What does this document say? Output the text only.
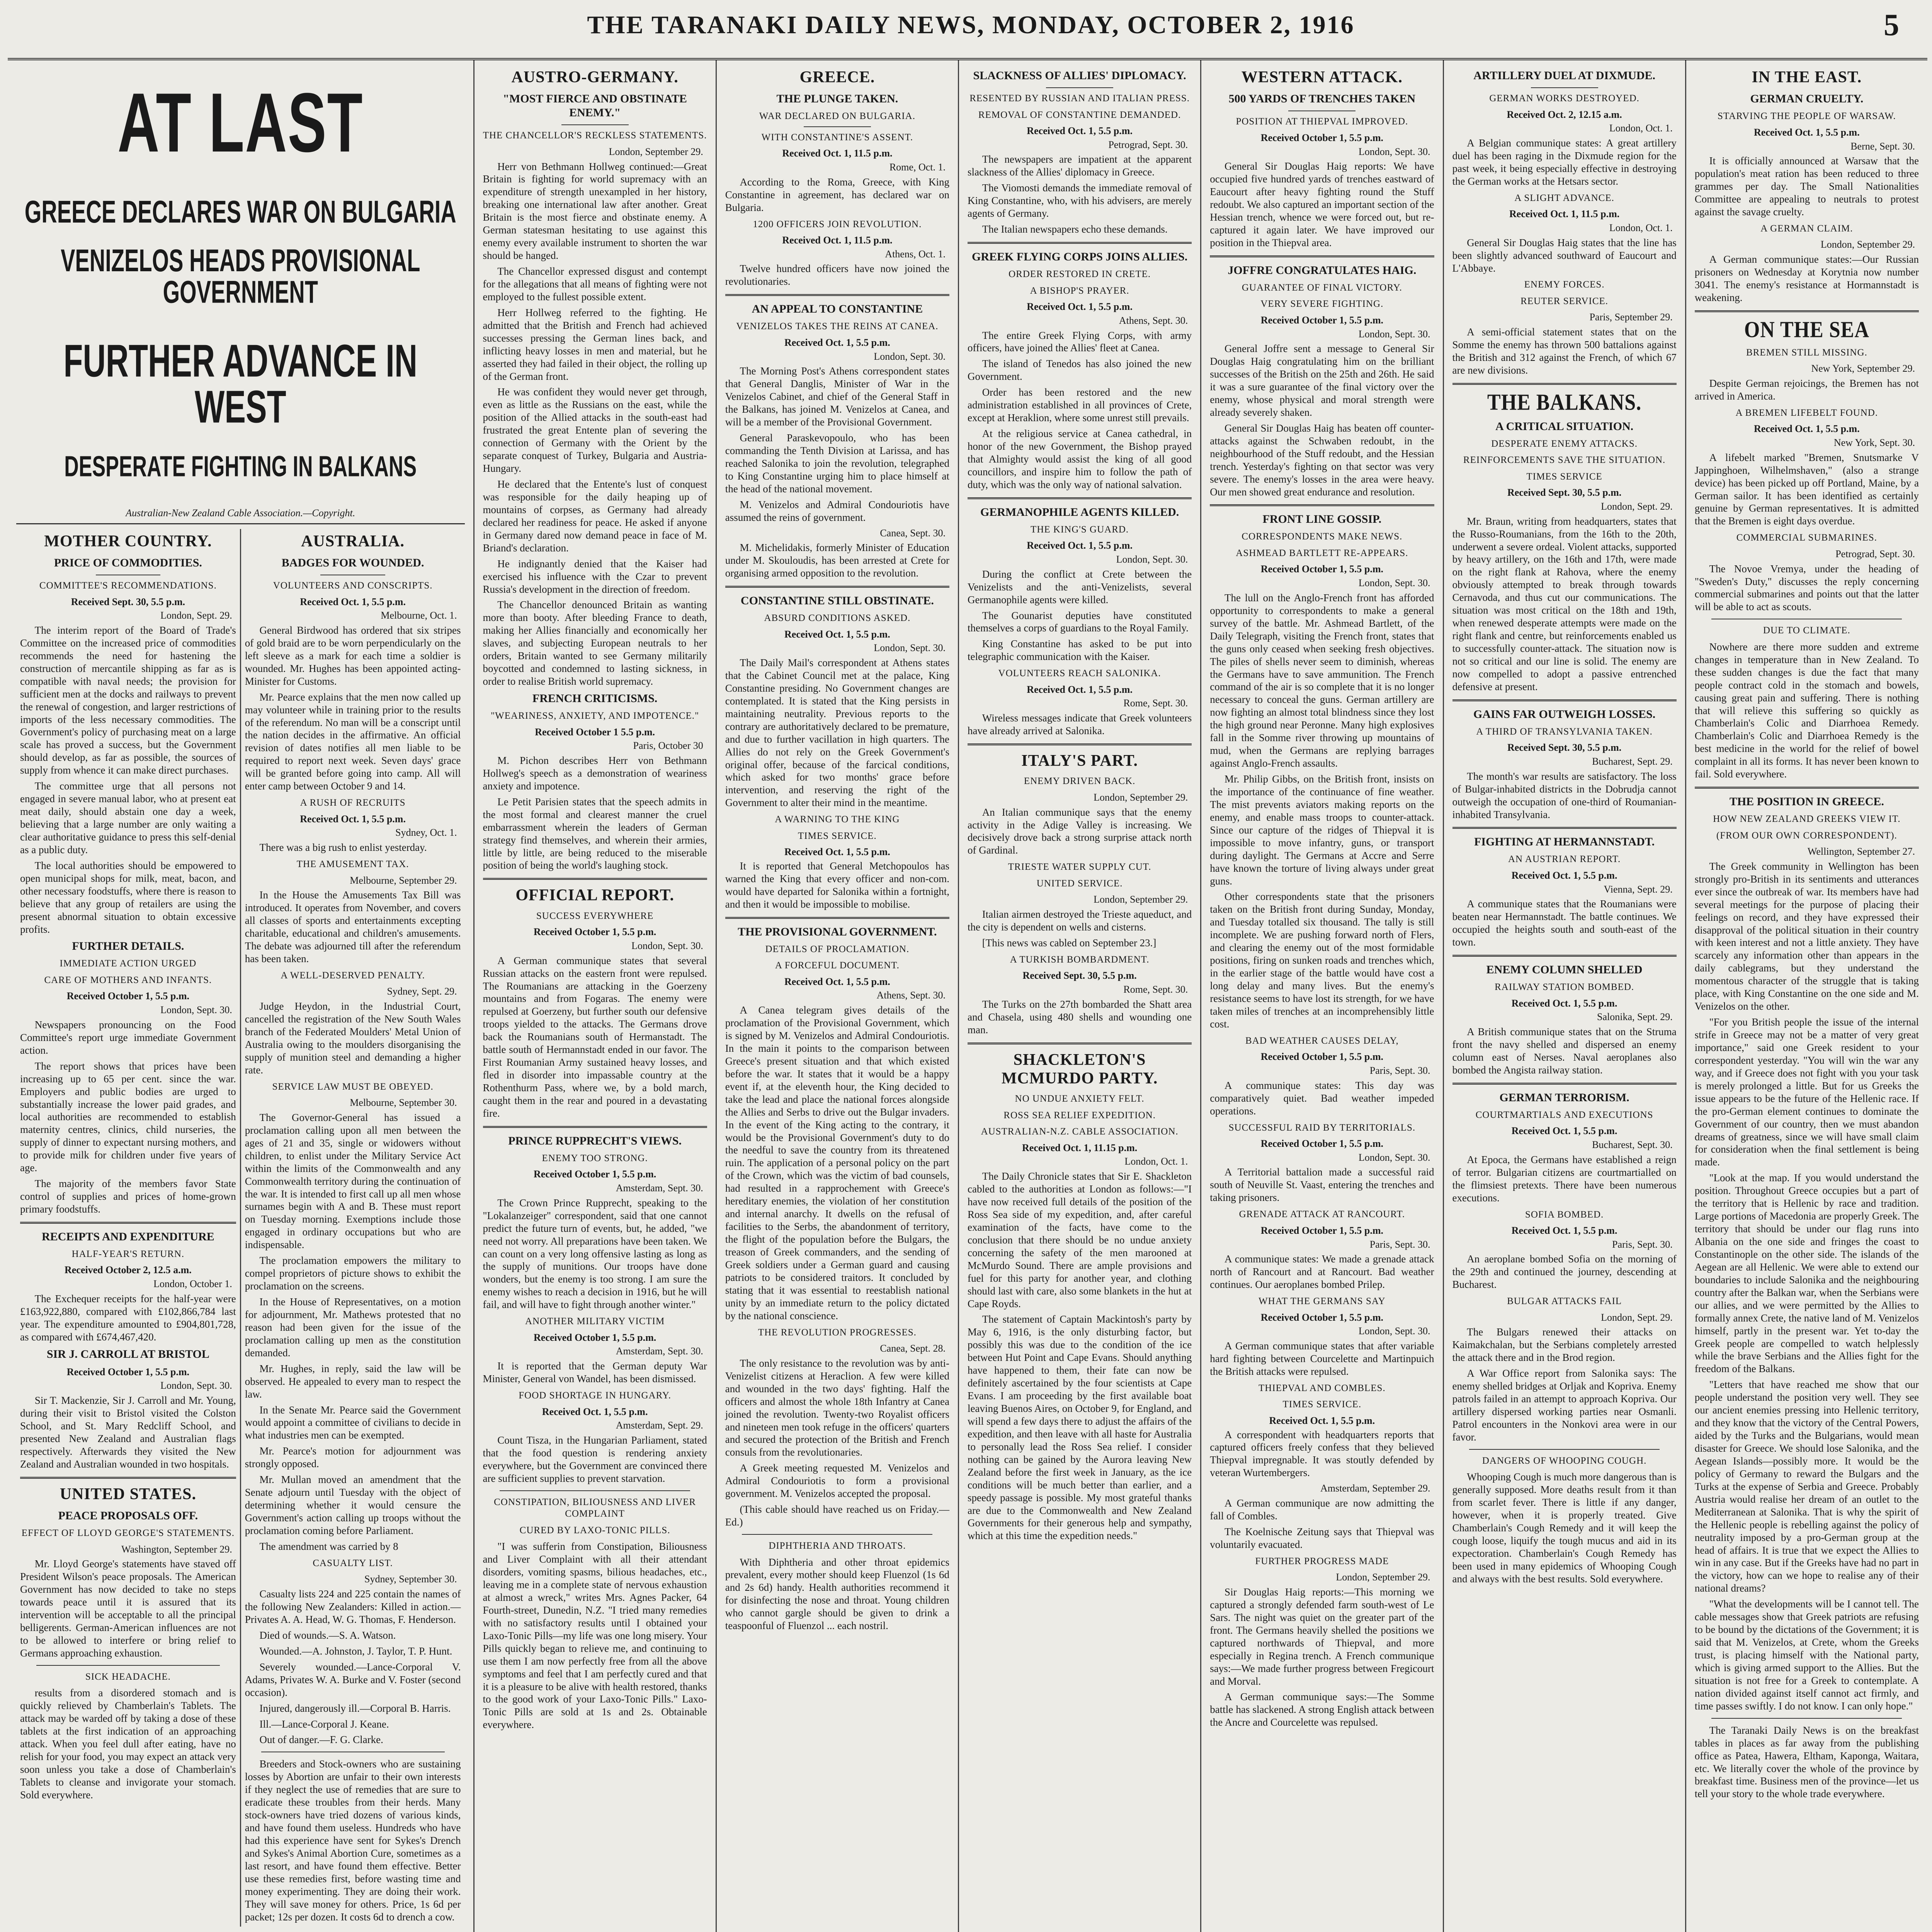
THE TARANAKI DAILY NEWS, MONDAY, OCTOBER 2, 1916	5
AT LAST
GREECE DECLARES WAR ON BULGARIA
VENIZELOS HEADS PROVISIONAL GOVERNMENT
FURTHER ADVANCE IN WEST
DESPERATE FIGHTING IN BALKANS
Australian-New Zealand Cable Association.—Copyright.
MOTHER COUNTRY.
PRICE OF COMMODITIES.
COMMITTEE'S RECOMMENDATIONS.
Received Sept. 30, 5.5 p.m.
London, Sept. 29.

The interim report of the Board of Trade's Committee on the increased price of commodities recommends the need for hastening the construction of mercantile shipping as far as is compatible with naval needs; the provision for sufficient men at the docks and railways to prevent the renewal of congestion, and larger restrictions of imports of the less necessary commodities. The Government's policy of purchasing meat on a large scale has proved a success, but the Government should develop, as far as possible, the sources of supply from whence it can make direct purchases.

The committee urge that all persons not engaged in severe manual labor, who at present eat meat daily, should abstain one day a week, believing that a large number are only waiting a clear authoritative guidance to press this self-denial as a public duty.

The local authorities should be empowered to open municipal shops for milk, meat, bacon, and other necessary foodstuffs, where there is reason to believe that any group of retailers are using the present abnormal situation to obtain excessive profits.

FURTHER DETAILS.
IMMEDIATE ACTION URGED
CARE OF MOTHERS AND INFANTS.
Received October 1, 5.5 p.m.
London, Sept. 30.

Newspapers pronouncing on the Food Committee's report urge immediate Government action.

The report shows that prices have been increasing up to 65 per cent. since the war. Employers and public bodies are urged to substantially increase the lower paid grades, and local authorities are recommended to establish maternity centres, clinics, child nurseries, the supply of dinner to expectant nursing mothers, and to provide milk for children under five years of age.

The majority of the members favor State control of supplies and prices of home-grown primary foodstuffs.

RECEIPTS AND EXPENDITURE
HALF-YEAR'S RETURN.
Received October 2, 12.5 a.m.
London, October 1.

The Exchequer receipts for the half-year were £163,922,880, compared with £102,866,784 last year. The expenditure amounted to £904,801,728, as compared with £674,467,420.

SIR J. CARROLL AT BRISTOL
Received October 1, 5.5 p.m.
London, Sept. 30.

Sir T. Mackenzie, Sir J. Carroll and Mr. Young, during their visit to Bristol visited the Colston School, and St. Mary Redcliff School, and presented New Zealand and Australian flags respectively. Afterwards they visited the New Zealand and Australian wounded in two hospitals.

UNITED STATES.
PEACE PROPOSALS OFF.
EFFECT OF LLOYD GEORGE'S STATEMENTS.
Washington, September 29.

Mr. Lloyd George's statements have staved off President Wilson's peace proposals. The American Government has now decided to take no steps towards peace until it is assured that its intervention will be acceptable to all the principal belligerents. German-American influences are not to be allowed to interfere or bring relief to Germans approaching exhaustion.

SICK HEADACHE.

results from a disordered stomach and is quickly relieved by Chamberlain's Tablets. The attack may be warded off by taking a dose of these tablets at the first indication of an approaching attack. When you feel dull after eating, have no relish for your food, you may expect an attack very soon unless you take a dose of Chamberlain's Tablets to cleanse and invigorate your stomach. Sold everywhere.

AUSTRALIA.
BADGES FOR WOUNDED.
VOLUNTEERS AND CONSCRIPTS.
Received Oct. 1, 5.5 p.m.
Melbourne, Oct. 1.

General Birdwood has ordered that six stripes of gold braid are to be worn perpendicularly on the left sleeve as a mark for each time a soldier is wounded. Mr. Hughes has been appointed acting-Minister for Customs.

Mr. Pearce explains that the men now called up may volunteer while in training prior to the results of the referendum. No man will be a conscript until the nation decides in the affirmative. An official revision of dates notifies all men liable to be required to report next week. Seven days' grace will be granted before going into camp. All will enter camp between October 9 and 14.

A RUSH OF RECRUITS
Received Oct. 1, 5.5 p.m.
Sydney, Oct. 1.

There was a big rush to enlist yesterday.

THE AMUSEMENT TAX.
Melbourne, September 29.

In the House the Amusements Tax Bill was introduced. It operates from November, and covers all classes of sports and entertainments excepting charitable, educational and children's amusements. The debate was adjourned till after the referendum has been taken.

A WELL-DESERVED PENALTY.
Sydney, Sept. 29.

Judge Heydon, in the Industrial Court, cancelled the registration of the New South Wales branch of the Federated Moulders' Metal Union of Australia owing to the moulders disorganising the supply of munition steel and demanding a higher rate.

SERVICE LAW MUST BE OBEYED.
Melbourne, September 30.

The Governor-General has issued a proclamation calling upon all men between the ages of 21 and 35, single or widowers without children, to enlist under the Military Service Act within the limits of the Commonwealth and any Commonwealth territory during the continuation of the war. It is intended to first call up all men whose surnames begin with A and B. These must report on Tuesday morning. Exemptions include those engaged in ordinary occupations but who are indispensable.

The proclamation empowers the military to compel proprietors of picture shows to exhibit the proclamation on the screens.

In the House of Representatives, on a motion for adjournment, Mr. Mathews protested that no reason had been given for the issue of the proclamation calling up men as the constitution demanded.

Mr. Hughes, in reply, said the law will be observed. He appealed to every man to respect the law.

In the Senate Mr. Pearce said the Government would appoint a committee of civilians to decide in what industries men can be exempted.

Mr. Pearce's motion for adjournment was strongly opposed.

Mr. Mullan moved an amendment that the Senate adjourn until Tuesday with the object of determining whether it would censure the Government's action calling up troops without the proclamation coming before Parliament.

The amendment was carried by 8

CASUALTY LIST.
Sydney, September 30.

Casualty lists 224 and 225 contain the names of the following New Zealanders: Killed in action.—Privates A. A. Head, W. G. Thomas, F. Henderson.

Died of wounds.—S. A. Watson.

Wounded.—A. Johnston, J. Taylor, T. P. Hunt.

Severely wounded.—Lance-Corporal V. Adams, Privates W. A. Burke and V. Foster (second occasion).

Injured, dangerously ill.—Corporal B. Harris.

Ill.—Lance-Corporal J. Keane.

Out of danger.—F. G. Clarke.

Breeders and Stock-owners who are sustaining losses by Abortion are unfair to their own interests if they neglect the use of remedies that are sure to eradicate these troubles from their herds. Many stock-owners have tried dozens of various kinds, and have found them useless. Hundreds who have had this experience have sent for Sykes's Drench and Sykes's Animal Abortion Cure, sometimes as a last resort, and have found them effective. Better use these remedies first, before wasting time and money experimenting. They are doing their work. They will save money for others. Price, 1s 6d per packet; 12s per dozen. It costs 6d to drench a cow.

AUSTRO-GERMANY.
"MOST FIERCE AND OBSTINATE ENEMY."
THE CHANCELLOR'S RECKLESS STATEMENTS.
London, September 29.

Herr von Bethmann Hollweg continued:—Great Britain is fighting for world supremacy with an expenditure of strength unexampled in her history, breaking one international law after another. Great Britain is the most fierce and obstinate enemy. A German statesman hesitating to use against this enemy every available instrument to shorten the war should be hanged.

The Chancellor expressed disgust and contempt for the allegations that all means of fighting were not employed to the fullest possible extent.

Herr Hollweg referred to the fighting. He admitted that the British and French had achieved successes pressing the German lines back, and inflicting heavy losses in men and material, but he asserted they had failed in their object, the rolling up of the German front.

He was confident they would never get through, even as little as the Russians on the east, while the position of the Allied attacks in the south-east had frustrated the great Entente plan of severing the connection of Germany with the Orient by the separate conquest of Turkey, Bulgaria and Austria-Hungary.

He declared that the Entente's lust of conquest was responsible for the daily heaping up of mountains of corpses, as Germany had already declared her readiness for peace. He asked if anyone in Germany dared now demand peace in face of M. Briand's declaration.

He indignantly denied that the Kaiser had exercised his influence with the Czar to prevent Russia's development in the direction of freedom.

The Chancellor denounced Britain as wanting more than booty. After bleeding France to death, making her Allies financially and economically her slaves, and subjecting European neutrals to her orders, Britain wanted to see Germany militarily boycotted and condemned to lasting sickness, in order to realise British world supremacy.

FRENCH CRITICISMS.
"WEARINESS, ANXIETY, AND IMPOTENCE."
Received October 1 5.5 p.m.
Paris, October 30

M. Pichon describes Herr von Bethmann Hollweg's speech as a demonstration of weariness anxiety and impotence.

Le Petit Parisien states that the speech admits in the most formal and clearest manner the cruel embarrassment wherein the leaders of German strategy find themselves, and wherein their armies, little by little, are being reduced to the miserable position of being the world's laughing stock.

OFFICIAL REPORT.
SUCCESS EVERYWHERE
Received October 1, 5.5 p.m.
London, Sept. 30.

A German communique states that several Russian attacks on the eastern front were repulsed. The Roumanians are attacking in the Goerzeny mountains and from Fogaras. The enemy were repulsed at Goerzeny, but further south our defensive troops yielded to the attacks. The Germans drove back the Roumanians south of Hermanstadt. The battle south of Hermannstadt ended in our favor. The First Roumanian Army sustained heavy losses, and fled in disorder into impassable country at the Rothenthurm Pass, where we, by a bold march, caught them in the rear and poured in a devastating fire.

PRINCE RUPPRECHT'S VIEWS.
ENEMY TOO STRONG.
Received October 1, 5.5 p.m.
Amsterdam, Sept. 30.

The Crown Prince Rupprecht, speaking to the "Lokalanzeiger" correspondent, said that one cannot predict the future turn of events, but, he added, "we need not worry. All preparations have been taken. We can count on a very long offensive lasting as long as the supply of munitions. Our troops have done wonders, but the enemy is too strong. I am sure the enemy wishes to reach a decision in 1916, but he will fail, and will have to fight through another winter."

ANOTHER MILITARY VICTIM
Received October 1, 5.5 p.m.
Amsterdam, Sept. 30.

It is reported that the German deputy War Minister, General von Wandel, has been dismissed.

FOOD SHORTAGE IN HUNGARY.
Received Oct. 1, 5.5 p.m.
Amsterdam, Sept. 29.

Count Tisza, in the Hungarian Parliament, stated that the food question is rendering anxiety everywhere, but the Government are convinced there are sufficient supplies to prevent starvation.

CONSTIPATION, BILIOUSNESS AND LIVER COMPLAINT
CURED BY LAXO-TONIC PILLS.

"I was sufferin from Constipation, Biliousness and Liver Complaint with all their attendant disorders, vomiting spasms, bilious headaches, etc., leaving me in a complete state of nervous exhaustion at almost a wreck," writes Mrs. Agnes Packer, 64 Fourth-street, Dunedin, N.Z. "I tried many remedies with no satisfactory results until I obtained your Laxo-Tonic Pills—my life was one long misery. Your Pills quickly began to relieve me, and continuing to use them I am now perfectly free from all the above symptoms and feel that I am perfectly cured and that it is a pleasure to be alive with health restored, thanks to the good work of your Laxo-Tonic Pills." Laxo-Tonic Pills are sold at 1s and 2s. Obtainable everywhere.

GREECE.
THE PLUNGE TAKEN.
WAR DECLARED ON BULGARIA.
WITH CONSTANTINE'S ASSENT.
Received Oct. 1, 11.5 p.m.
Rome, Oct. 1.

According to the Roma, Greece, with King Constantine in agreement, has declared war on Bulgaria.

1200 OFFICERS JOIN REVOLUTION.
Received Oct. 1, 11.5 p.m.
Athens, Oct. 1.

Twelve hundred officers have now joined the revolutionaries.

AN APPEAL TO CONSTANTINE
VENIZELOS TAKES THE REINS AT CANEA.
Received Oct. 1, 5.5 p.m.
London, Sept. 30.

The Morning Post's Athens correspondent states that General Danglis, Minister of War in the Venizelos Cabinet, and chief of the General Staff in the Balkans, has joined M. Venizelos at Canea, and will be a member of the Provisional Government.

General Paraskevopoulo, who has been commanding the Tenth Division at Larissa, and has reached Salonika to join the revolution, telegraphed to King Constantine urging him to place himself at the head of the national movement.

M. Venizelos and Admiral Condouriotis have assumed the reins of government.

Canea, Sept. 30.

M. Michelidakis, formerly Minister of Education under M. Skouloudis, has been arrested at Crete for organising armed opposition to the revolution.

CONSTANTINE STILL OBSTINATE.
ABSURD CONDITIONS ASKED.
Received Oct. 1, 5.5 p.m.
London, Sept. 30.

The Daily Mail's correspondent at Athens states that the Cabinet Council met at the palace, King Constantine presiding. No Government changes are contemplated. It is stated that the King persists in maintaining neutrality. Previous reports to the contrary are authoritatively declared to be premature, and due to further vacillation in high quarters. The Allies do not rely on the Greek Government's original offer, because of the farcical conditions, which asked for two months' grace before intervention, and reserving the right of the Government to alter their mind in the meantime.

A WARNING TO THE KING
TIMES SERVICE.
Received Oct. 1, 5.5 p.m.

It is reported that General Metchopoulos has warned the King that every officer and non-com. would have departed for Salonika within a fortnight, and then it would be impossible to mobilise.

THE PROVISIONAL GOVERNMENT.
DETAILS OF PROCLAMATION.
A FORCEFUL DOCUMENT.
Received Oct. 1, 5.5 p.m.
Athens, Sept. 30.

A Canea telegram gives details of the proclamation of the Provisional Government, which is signed by M. Venizelos and Admiral Condouriotis. In the main it points to the comparison between Greece's present situation and that which existed before the war. It states that it would be a happy event if, at the eleventh hour, the King decided to take the lead and place the national forces alongside the Allies and Serbs to drive out the Bulgar invaders. In the event of the King acting to the contrary, it would be the Provisional Government's duty to do the needful to save the country from its threatened ruin. The application of a personal policy on the part of the Crown, which was the victim of bad counsels, had resulted in a rapprochement with Greece's hereditary enemies, the violation of her constitution and internal anarchy. It dwells on the refusal of facilities to the Serbs, the abandonment of territory, the flight of the population before the Bulgars, the treason of Greek commanders, and the sending of Greek soldiers under a German guard and causing patriots to be considered traitors. It concluded by stating that it was essential to reestablish national unity by an immediate return to the policy dictated by the national conscience.

THE REVOLUTION PROGRESSES.
Canea, Sept. 28.

The only resistance to the revolution was by anti-Venizelist citizens at Heraclion. A few were killed and wounded in the two days' fighting. Half the officers and almost the whole 18th Infantry at Canea joined the revolution. Twenty-two Royalist officers and nineteen men took refuge in the officers' quarters and secured the protection of the British and French consuls from the revolutionaries.

A Greek meeting requested M. Venizelos and Admiral Condouriotis to form a provisional government. M. Venizelos accepted the proposal.

(This cable should have reached us on Friday.—Ed.)

DIPHTHERIA AND THROATS.

With Diphtheria and other throat epidemics prevalent, every mother should keep Fluenzol (1s 6d and 2s 6d) handy. Health authorities recommend it for disinfecting the nose and throat. Young children who cannot gargle should be given to drink a teaspoonful of Fluenzol ... each nostril.

SLACKNESS OF ALLIES' DIPLOMACY.
RESENTED BY RUSSIAN AND ITALIAN PRESS.
REMOVAL OF CONSTANTINE DEMANDED.
Received Oct. 1, 5.5 p.m.
Petrograd, Sept. 30.

The newspapers are impatient at the apparent slackness of the Allies' diplomacy in Greece.

The Viomosti demands the immediate removal of King Constantine, who, with his advisers, are merely agents of Germany.

The Italian newspapers echo these demands.

GREEK FLYING CORPS JOINS ALLIES.
ORDER RESTORED IN CRETE.
A BISHOP'S PRAYER.
Received Oct. 1, 5.5 p.m.
Athens, Sept. 30.

The entire Greek Flying Corps, with army officers, have joined the Allies' fleet at Canea.

The island of Tenedos has also joined the new Government.

Order has been restored and the new administration established in all provinces of Crete, except at Heraklion, where some unrest still prevails.

At the religious service at Canea cathedral, in honor of the new Government, the Bishop prayed that Almighty would assist the king of all good councillors, and inspire him to follow the path of duty, which was the only way of national salvation.

GERMANOPHILE AGENTS KILLED.
THE KING'S GUARD.
Received Oct. 1, 5.5 p.m.
London, Sept. 30.

During the conflict at Crete between the Venizelists and the anti-Venizelists, several Germanophile agents were killed.

The Gounarist deputies have constituted themselves a corps of guardians to the Royal Family.

King Constantine has asked to be put into telegraphic communication with the Kaiser.

VOLUNTEERS REACH SALONIKA.
Received Oct. 1, 5.5 p.m.
Rome, Sept. 30.

Wireless messages indicate that Greek volunteers have already arrived at Salonika.

ITALY'S PART.
ENEMY DRIVEN BACK.
London, September 29.

An Italian communique says that the enemy activity in the Adige Valley is increasing. We decisively drove back a strong surprise attack north of Gardinal.

TRIESTE WATER SUPPLY CUT.
UNITED SERVICE.
London, September 29.

Italian airmen destroyed the Trieste aqueduct, and the city is dependent on wells and cisterns.

[This news was cabled on September 23.]

A TURKISH BOMBARDMENT.
Received Sept. 30, 5.5 p.m.
Rome, Sept. 30.

The Turks on the 27th bombarded the Shatt area and Chasela, using 480 shells and wounding one man.

SHACKLETON'S MCMURDO PARTY.
NO UNDUE ANXIETY FELT.
ROSS SEA RELIEF EXPEDITION.
AUSTRALIAN-N.Z. CABLE ASSOCIATION.
Received Oct. 1, 11.15 p.m.
London, Oct. 1.

The Daily Chronicle states that Sir E. Shackleton cabled to the authorities at London as follows:—"I have now received full details of the position of the Ross Sea side of my expedition, and, after careful examination of the facts, have come to the conclusion that there should be no undue anxiety concerning the safety of the men marooned at McMurdo Sound. There are ample provisions and fuel for this party for another year, and clothing should last with care, also some blankets in the hut at Cape Royds.

The statement of Captain Mackintosh's party by May 6, 1916, is the only disturbing factor, but possibly this was due to the condition of the ice between Hut Point and Cape Evans. Should anything have happened to them, their fate can now be definitely ascertained by the four scientists at Cape Evans. I am proceeding by the first available boat leaving Buenos Aires, on October 9, for England, and will spend a few days there to adjust the affairs of the expedition, and then leave with all haste for Australia to personally lead the Ross Sea relief. I consider nothing can be gained by the Aurora leaving New Zealand before the first week in January, as the ice conditions will be much better than earlier, and a speedy passage is possible. My most grateful thanks are due to the Commonwealth and New Zealand Governments for their generous help and sympathy, which at this time the expedition needs."

WESTERN ATTACK.
500 YARDS OF TRENCHES TAKEN
POSITION AT THIEPVAL IMPROVED.
Received October 1, 5.5 p.m.
London, Sept. 30.

General Sir Douglas Haig reports: We have occupied five hundred yards of trenches eastward of Eaucourt after heavy fighting round the Stuff redoubt. We also captured an important section of the Hessian trench, whence we were forced out, but re-captured it again later. We have improved our position in the Thiepval area.

JOFFRE CONGRATULATES HAIG.
GUARANTEE OF FINAL VICTORY.
VERY SEVERE FIGHTING.
Received October 1, 5.5 p.m.
London, Sept. 30.

General Joffre sent a message to General Sir Douglas Haig congratulating him on the brilliant successes of the British on the 25th and 26th. He said it was a sure guarantee of the final victory over the enemy, whose physical and moral strength were already severely shaken.

General Sir Douglas Haig has beaten off counter-attacks against the Schwaben redoubt, in the neighbourhood of the Stuff redoubt, and the Hessian trench. Yesterday's fighting on that sector was very severe. The enemy's losses in the area were heavy. Our men showed great endurance and resolution.

FRONT LINE GOSSIP.
CORRESPONDENTS MAKE NEWS.
ASHMEAD BARTLETT RE-APPEARS.
Received October 1, 5.5 p.m.
London, Sept. 30.

The lull on the Anglo-French front has afforded opportunity to correspondents to make a general survey of the battle. Mr. Ashmead Bartlett, of the Daily Telegraph, visiting the French front, states that the guns only ceased when seeking fresh objectives. The piles of shells never seem to diminish, whereas the Germans have to save ammunition. The French command of the air is so complete that it is no longer necessary to conceal the guns. German artillery are now fighting an almost total blindness since they lost the high ground near Peronne. Many high explosives fall in the Somme river throwing up mountains of mud, when the Germans are replying barrages against Anglo-French assaults.

Mr. Philip Gibbs, on the British front, insists on the importance of the continuance of fine weather. The mist prevents aviators making reports on the enemy, and enable mass troops to counter-attack. Since our capture of the ridges of Thiepval it is impossible to move infantry, guns, or transport during daylight. The Germans at Accre and Serre have known the torture of living always under great guns.

Other correspondents state that the prisoners taken on the British front during Sunday, Monday, and Tuesday totalled six thousand. The tally is still incomplete. We are pushing forward north of Flers, and clearing the enemy out of the most formidable positions, firing on sunken roads and trenches which, in the earlier stage of the battle would have cost a long delay and many lives. But the enemy's resistance seems to have lost its strength, for we have taken miles of trenches at an incomprehensibly little cost.

BAD WEATHER CAUSES DELAY,
Received October 1, 5.5 p.m.
Paris, Sept. 30.

A communique states: This day was comparatively quiet. Bad weather impeded operations.

SUCCESSFUL RAID BY TERRITORIALS.
Received October 1, 5.5 p.m.
London, Sept. 30.

A Territorial battalion made a successful raid south of Neuville St. Vaast, entering the trenches and taking prisoners.

GRENADE ATTACK AT RANCOURT.
Received October 1, 5.5 p.m.
Paris, Sept. 30.

A communique states: We made a grenade attack north of Rancourt and at Rancourt. Bad weather continues. Our aeroplanes bombed Prilep.

WHAT THE GERMANS SAY
Received October 1, 5.5 p.m.
London, Sept. 30.

A German communique states that after variable hard fighting between Courcelette and Martinpuich the British attacks were repulsed.

THIEPVAL AND COMBLES.
TIMES SERVICE.
Received Oct. 1, 5.5 p.m.

A correspondent with headquarters reports that captured officers freely confess that they believed Thiepval impregnable. It was stoutly defended by veteran Wurtembergers.

Amsterdam, September 29.

A German communique are now admitting the fall of Combles.

The Koelnische Zeitung says that Thiepval was voluntarily evacuated.

FURTHER PROGRESS MADE
London, September 29.

Sir Douglas Haig reports:—This morning we captured a strongly defended farm south-west of Le Sars. The night was quiet on the greater part of the front. The Germans heavily shelled the positions we captured northwards of Thiepval, and more especially in Regina trench. A French communique says:—We made further progress between Fregicourt and Morval.

A German communique says:—The Somme battle has slackened. A strong English attack between the Ancre and Courcelette was repulsed.

ARTILLERY DUEL AT DIXMUDE.
GERMAN WORKS DESTROYED.
Received Oct. 2, 12.15 a.m.
London, Oct. 1.

A Belgian communique states: A great artillery duel has been raging in the Dixmude region for the past week, it being especially effective in destroying the German works at the Hetsars sector.

A SLIGHT ADVANCE.
Received Oct. 1, 11.5 p.m.
London, Oct. 1.

General Sir Douglas Haig states that the line has been slightly advanced southward of Eaucourt and L'Abbaye.

ENEMY FORCES.
REUTER SERVICE.
Paris, September 29.

A semi-official statement states that on the Somme the enemy has thrown 500 battalions against the British and 312 against the French, of which 67 are new divisions.

THE BALKANS.
A CRITICAL SITUATION.
DESPERATE ENEMY ATTACKS.
REINFORCEMENTS SAVE THE SITUATION.
TIMES SERVICE
Received Sept. 30, 5.5 p.m.
London, Sept. 29.

Mr. Braun, writing from headquarters, states that the Russo-Roumanians, from the 16th to the 20th, underwent a severe ordeal. Violent attacks, supported by heavy artillery, on the 16th and 17th, were made on the right flank at Rahova, where the enemy obviously attempted to break through towards Cernavoda, and thus cut our communications. The situation was most critical on the 18th and 19th, when renewed desperate attempts were made on the right flank and centre, but reinforcements enabled us to successfully counter-attack. The situation now is not so critical and our line is solid. The enemy are now compelled to adopt a passive entrenched defensive at present.

GAINS FAR OUTWEIGH LOSSES.
A THIRD OF TRANSYLVANIA TAKEN.
Received Sept. 30, 5.5 p.m.
Bucharest, Sept. 29.

The month's war results are satisfactory. The loss of Bulgar-inhabited districts in the Dobrudja cannot outweigh the occupation of one-third of Roumanian-inhabited Transylvania.

FIGHTING AT HERMANNSTADT.
AN AUSTRIAN REPORT.
Received Oct. 1, 5.5 p.m.
Vienna, Sept. 29.

A communique states that the Roumanians were beaten near Hermannstadt. The battle continues. We occupied the heights south and south-east of the town.

ENEMY COLUMN SHELLED
RAILWAY STATION BOMBED.
Received Oct. 1, 5.5 p.m.
Salonika, Sept. 29.

A British communique states that on the Struma front the navy shelled and dispersed an enemy column east of Nerses. Naval aeroplanes also bombed the Angista railway station.

GERMAN TERRORISM.
COURTMARTIALS AND EXECUTIONS
Received Oct. 1, 5.5 p.m.
Bucharest, Sept. 30.

At Epoca, the Germans have established a reign of terror. Bulgarian citizens are courtmartialled on the flimsiest pretexts. There have been numerous executions.

SOFIA BOMBED.
Received Oct. 1, 5.5 p.m.
Paris, Sept. 30.

An aeroplane bombed Sofia on the morning of the 29th and continued the journey, descending at Bucharest.

BULGAR ATTACKS FAIL
London, Sept. 29.

The Bulgars renewed their attacks on Kaimakchalan, but the Serbians completely arrested the attack there and in the Brod region.

A War Office report from Salonika says: The enemy shelled bridges at Orljak and Kopriva. Enemy patrols failed in an attempt to approach Kopriva. Our artillery dispersed working parties near Osmanli. Patrol encounters in the Nonkovi area were in our favor.

DANGERS OF WHOOPING COUGH.

Whooping Cough is much more dangerous than is generally supposed. More deaths result from it than from scarlet fever. There is little if any danger, however, when it is properly treated. Give Chamberlain's Cough Remedy and it will keep the cough loose, liquify the tough mucus and aid in its expectoration. Chamberlain's Cough Remedy has been used in many epidemics of Whooping Cough and always with the best results. Sold everywhere.

IN THE EAST.
GERMAN CRUELTY.
STARVING THE PEOPLE OF WARSAW.
Received Oct. 1, 5.5 p.m.
Berne, Sept. 30.

It is officially announced at Warsaw that the population's meat ration has been reduced to three grammes per day. The Small Nationalities Committee are appealing to neutrals to protest against the savage cruelty.

A GERMAN CLAIM.
London, September 29.

A German communique states:—Our Russian prisoners on Wednesday at Korytnia now number 3041. The enemy's resistance at Hormannstadt is weakening.

ON THE SEA
BREMEN STILL MISSING.
New York, September 29.

Despite German rejoicings, the Bremen has not arrived in America.

A BREMEN LIFEBELT FOUND.
Received Oct. 1, 5.5 p.m.
New York, Sept. 30.

A lifebelt marked "Bremen, Snutsmarke V Jappinghoen, Wilhelmshaven," (also a strange device) has been picked up off Portland, Maine, by a German sailor. It has been identified as certainly genuine by German representatives. It is admitted that the Bremen is eight days overdue.

COMMERCIAL SUBMARINES.
Petrograd, Sept. 30.

The Novoe Vremya, under the heading of "Sweden's Duty," discusses the reply concerning commercial submarines and points out that the latter will be able to act as scouts.

DUE TO CLIMATE.

Nowhere are there more sudden and extreme changes in temperature than in New Zealand. To these sudden changes is due the fact that many people contract cold in the stomach and bowels, causing great pain and suffering. There is nothing that will relieve this suffering so quickly as Chamberlain's Colic and Diarrhoea Remedy. Chamberlain's Colic and Diarrhoea Remedy is the best medicine in the world for the relief of bowel complaint in all its forms. It has never been known to fail. Sold everywhere.

THE POSITION IN GREECE.
HOW NEW ZEALAND GREEKS VIEW IT.
(FROM OUR OWN CORRESPONDENT).
Wellington, September 27.

The Greek community in Wellington has been strongly pro-British in its sentiments and utterances ever since the outbreak of war. Its members have had several meetings for the purpose of placing their feelings on record, and they have expressed their disapproval of the political situation in their country with keen interest and not a little anxiety. They have scarcely any information other than appears in the daily cablegrams, but they understand the momentous character of the struggle that is taking place, with King Constantine on the one side and M. Venizelos on the other.

"For you British people the issue of the internal strife in Greece may not be a matter of very great importance," said one Greek resident to your correspondent yesterday. "You will win the war any way, and if Greece does not fight with you your task is merely prolonged a little. But for us Greeks the issue appears to be the future of the Hellenic race. If the pro-German element continues to dominate the Government of our country, then we must abandon dreams of greatness, since we will have small claim for consideration when the final settlement is being made.

"Look at the map. If you would understand the position. Throughout Greece occupies but a part of the territory that is Hellenic by race and tradition. Large portions of Macedonia are properly Greek. The territory that should be under our flag runs into Albania on the one side and fringes the coast to Constantinople on the other side. The islands of the Aegean are all Hellenic. We were able to extend our boundaries to include Salonika and the neighbouring country after the Balkan war, when the Serbians were our allies, and we were permitted by the Allies to formally annex Crete, the native land of M. Venizelos himself, partly in the present war. Yet to-day the Greek people are compelled to watch helplessly while the brave Serbians and the Allies fight for the freedom of the Balkans.

"Letters that have reached me show that our people understand the position very well. They see our ancient enemies pressing into Hellenic territory, and they know that the victory of the Central Powers, aided by the Turks and the Bulgarians, would mean disaster for Greece. We should lose Salonika, and the Aegean Islands—possibly more. It would be the policy of Germany to reward the Bulgars and the Turks at the expense of Serbia and Greece. Probably Austria would realise her dream of an outlet to the Mediterranean at Salonika. That is why the spirit of the Hellenic people is rebelling against the policy of neutrality imposed by a pro-German group at the head of affairs. It is true that we expect the Allies to win in any case. But if the Greeks have had no part in the victory, how can we hope to realise any of their national dreams?

"What the developments will be I cannot tell. The cable messages show that Greek patriots are refusing to be bound by the dictations of the Government; it is said that M. Venizelos, at Crete, whom the Greeks trust, is placing himself with the National party, which is giving armed support to the Allies. But the situation is not free for a Greek to contemplate. A nation divided against itself cannot act firmly, and time passes swiftly. I do not know. I can only hope."

The Taranaki Daily News is on the breakfast tables in places as far away from the publishing office as Patea, Hawera, Eltham, Kaponga, Waitara, etc. We literally cover the whole of the province by breakfast time. Business men of the province—let us tell your story to the whole trade everywhere.
